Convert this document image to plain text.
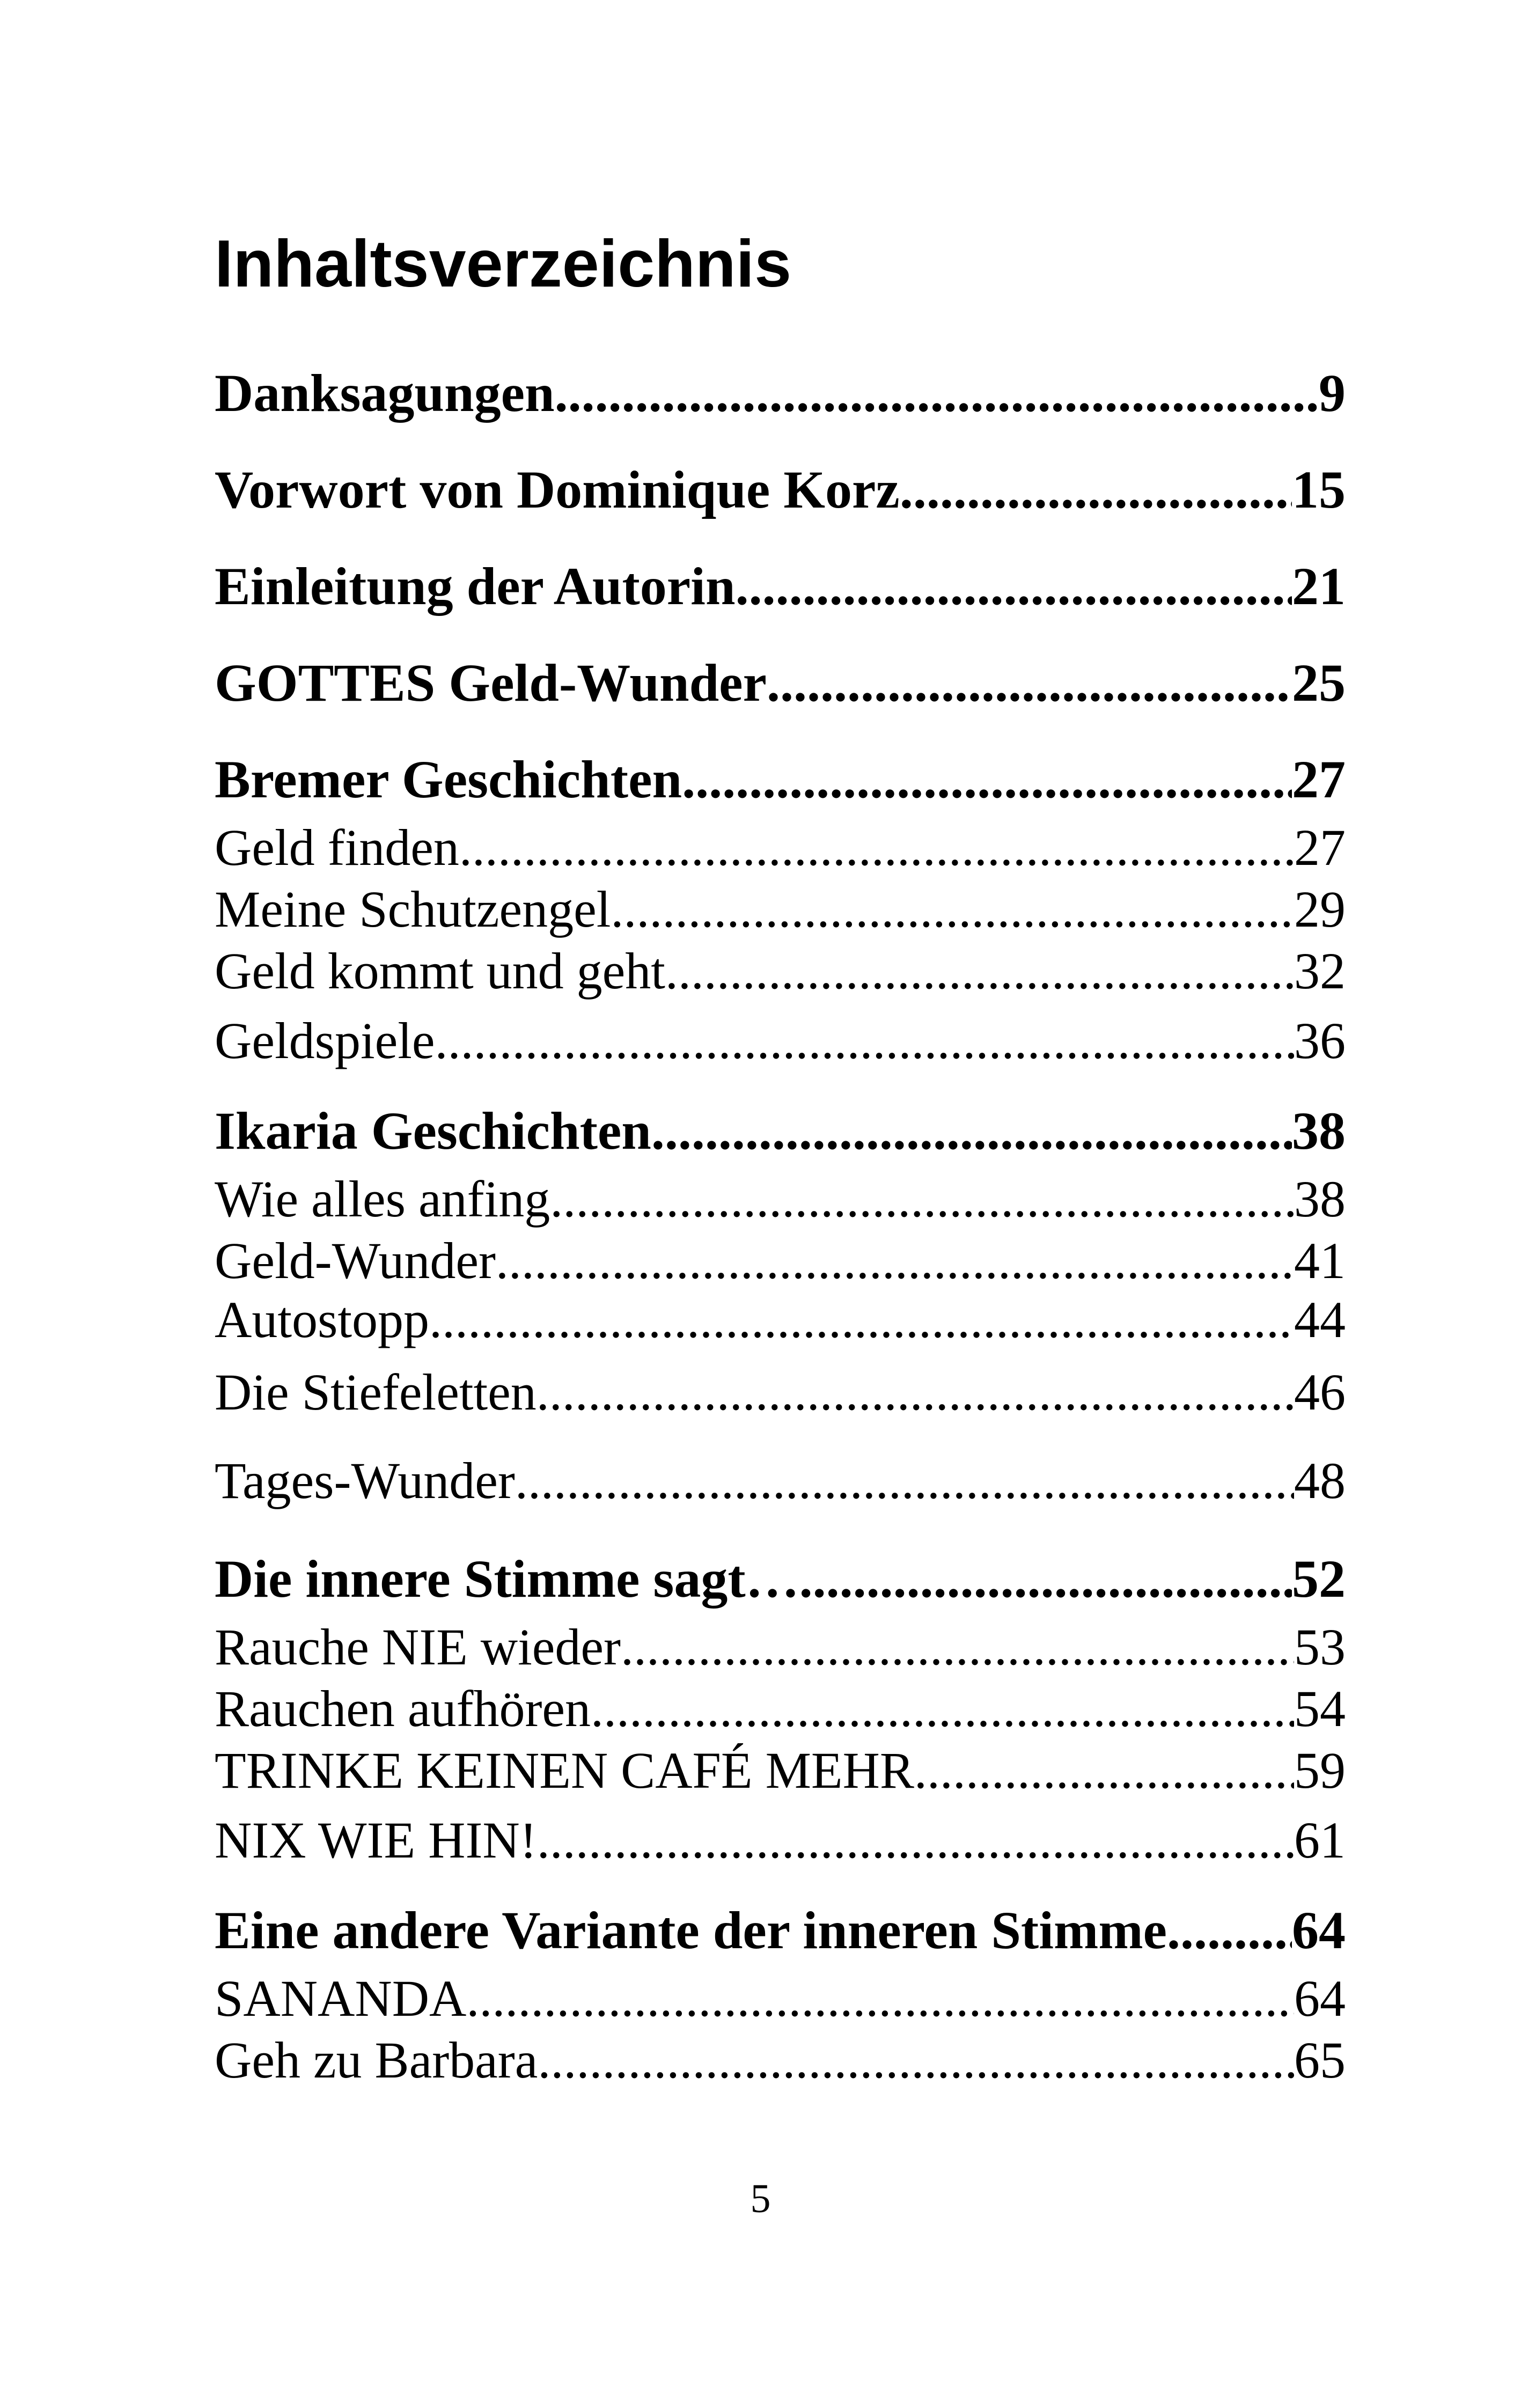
Inhaltsverzeichnis
Danksagungen .....	9
Vorwort von Dominique Korz .....	15
Einleitung der Autorin .....	21
GOTTES Geld-Wunder .....	25
Bremer Geschichten .....	27
Geld finden .....	27
Meine Schutzengel .....	29
Geld kommt und geht .....	32
Geldspiele .....	36
Ikaria Geschichten .....	38
Wie alles anfing .....	38
Geld-Wunder .....	41
Autostopp .....	44
Die Stiefeletten .....	46
Tages-Wunder .....	48
Die innere Stimme sagt… .....	52
Rauche NIE wieder .....	53
Rauchen aufhören .....	54
TRINKE KEINEN CAFÉ MEHR .....	59
NIX WIE HIN! .....	61
Eine andere Variante der inneren Stimme ..... 64
SANANDA .....	64
Geh zu Barbara .....	65
5
